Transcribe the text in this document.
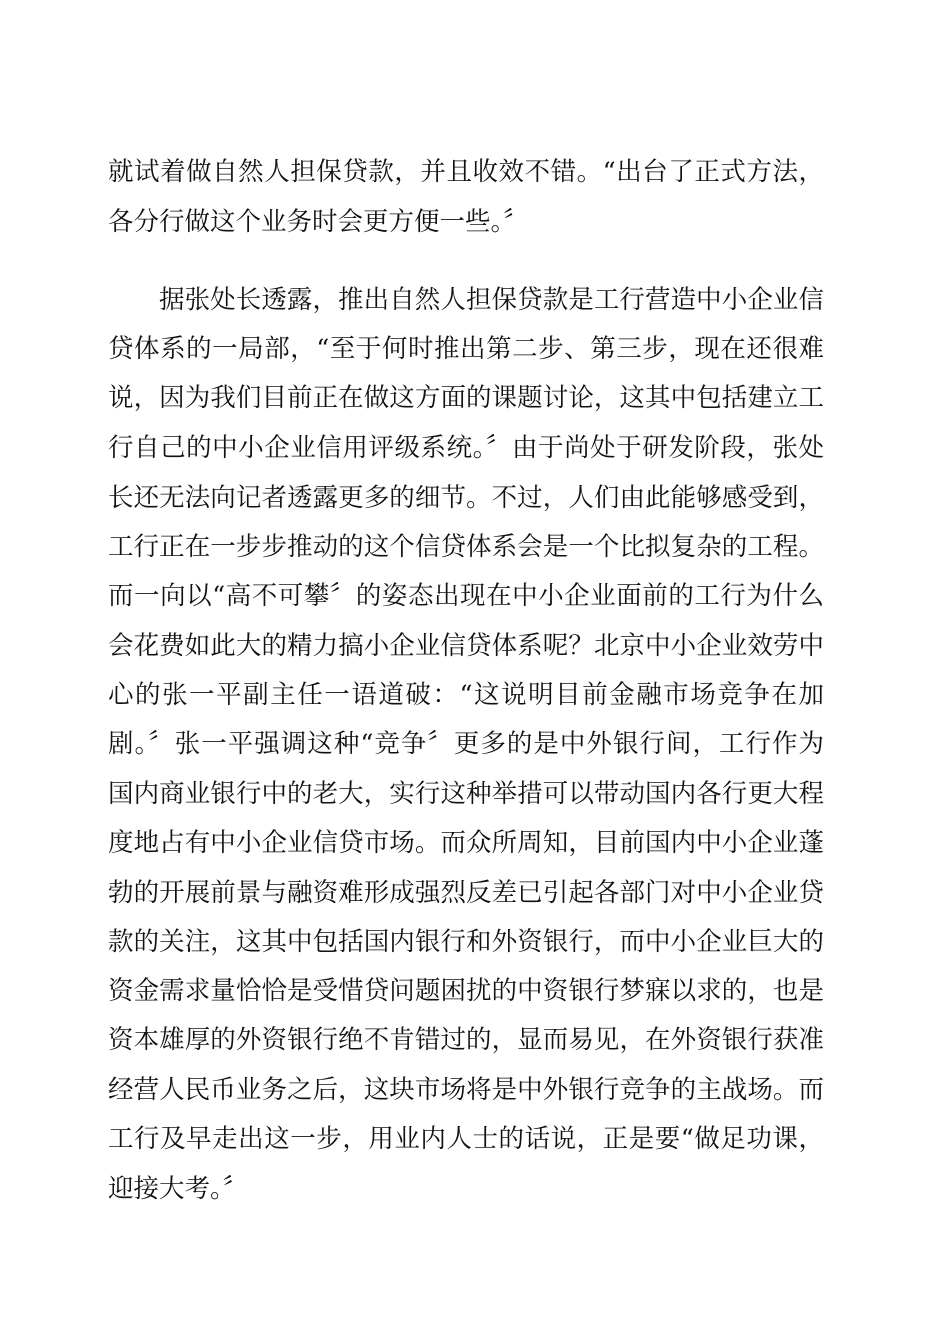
就试着做自然人担保贷款，并且收效不错。“出台了正式方法，
各分行做这个业务时会更方便一些。〞
据张处长透露，推出自然人担保贷款是工行营造中小企业信
贷体系的一局部，“至于何时推出第二步、第三步，现在还很难
说，因为我们目前正在做这方面的课题讨论，这其中包括建立工
行自己的中小企业信用评级系统。〞由于尚处于研发阶段，张处
长还无法向记者透露更多的细节。不过，人们由此能够感受到，
工行正在一步步推动的这个信贷体系会是一个比拟复杂的工程。
而一向以“高不可攀〞的姿态出现在中小企业面前的工行为什么
会花费如此大的精力搞小企业信贷体系呢？北京中小企业效劳中
心的张一平副主任一语道破：“这说明目前金融市场竞争在加
剧。〞张一平强调这种“竞争〞更多的是中外银行间，工行作为
国内商业银行中的老大，实行这种举措可以带动国内各行更大程
度地占有中小企业信贷市场。而众所周知，目前国内中小企业蓬
勃的开展前景与融资难形成强烈反差已引起各部门对中小企业贷
款的关注，这其中包括国内银行和外资银行，而中小企业巨大的
资金需求量恰恰是受惜贷问题困扰的中资银行梦寐以求的，也是
资本雄厚的外资银行绝不肯错过的，显而易见，在外资银行获准
经营人民币业务之后，这块市场将是中外银行竞争的主战场。而
工行及早走出这一步，用业内人士的话说，正是要“做足功课，
迎接大考。〞
